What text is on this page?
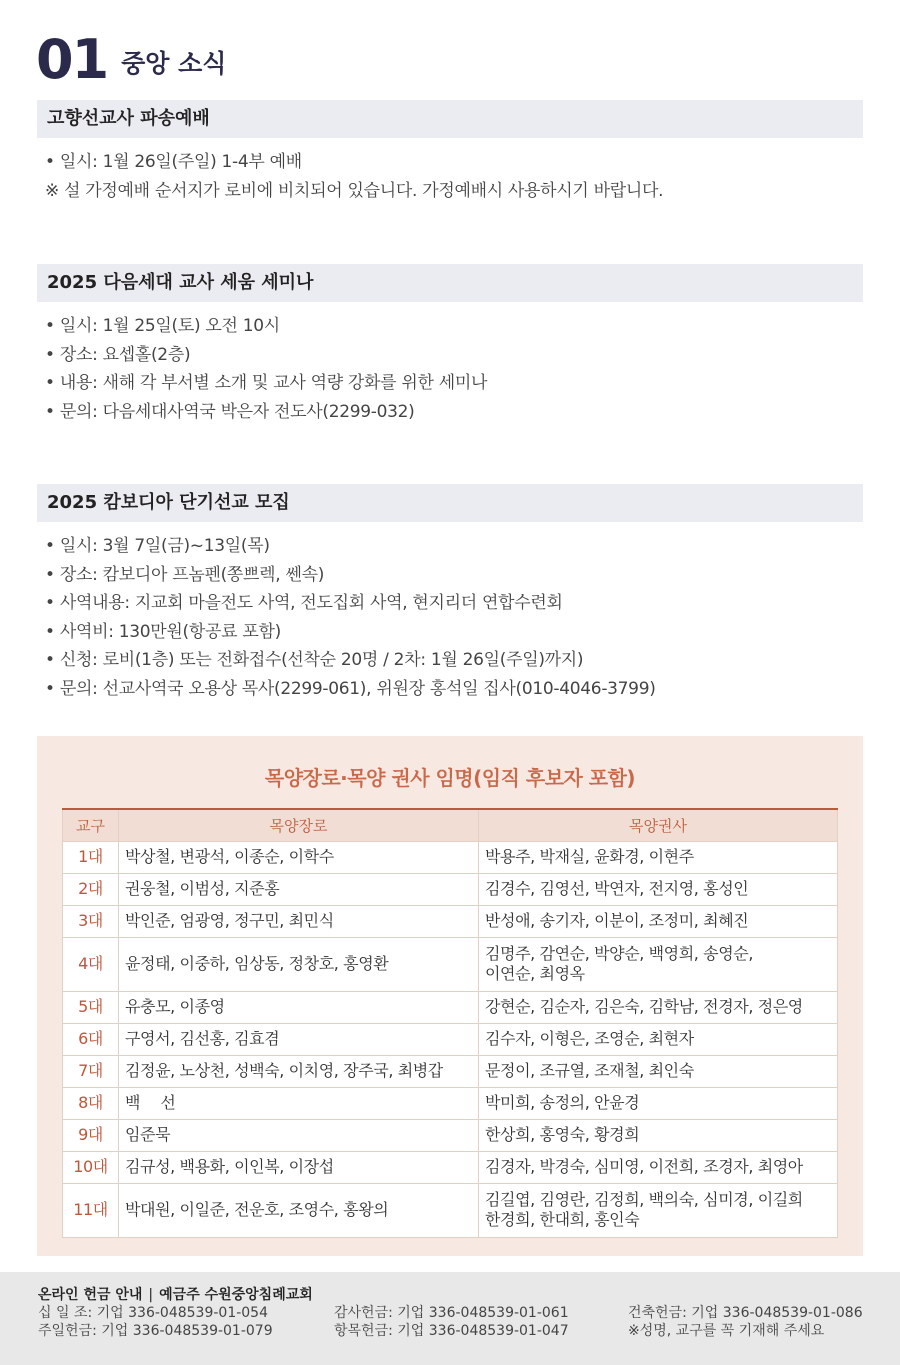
01 중앙 소식
고향선교사 파송예배
• 일시: 1월 26일(주일) 1-4부 예배
※ 설 가정예배 순서지가 로비에 비치되어 있습니다. 가정예배시 사용하시기 바랍니다.
2025 다음세대 교사 세움 세미나
• 일시: 1월 25일(토) 오전 10시
• 장소: 요셉홀(2층)
• 내용: 새해 각 부서별 소개 및 교사 역량 강화를 위한 세미나
• 문의: 다음세대사역국 박은자 전도사(2299-032)
2025 캄보디아 단기선교 모집
• 일시: 3월 7일(금)~13일(목)
• 장소: 캄보디아 프놈펜(쫑쁘렉, 쎈속)
• 사역내용: 지교회 마을전도 사역, 전도집회 사역, 현지리더 연합수련회
• 사역비: 130만원(항공료 포함)
• 신청: 로비(1층) 또는 전화접수(선착순 20명 / 2차: 1월 26일(주일)까지)
• 문의: 선교사역국 오용상 목사(2299-061), 위원장 홍석일 집사(010-4046-3799)
목양장로·목양 권사 임명(임직 후보자 포함)
교구	목양장로	목양권사
1대	박상철, 변광석, 이종순, 이학수	박용주, 박재실, 윤화경, 이현주

2대	권웅철, 이범성, 지준홍	김경수, 김영선, 박연자, 전지영, 홍성인

3대	박인준, 엄광영, 정구민, 최민식	반성애, 송기자, 이분이, 조정미, 최혜진

4대	윤정태, 이중하, 임상동, 정창호, 홍영환	김명주, 감연순, 박양순, 백영희, 송영순,
이연순, 최영옥

5대	유충모, 이종영	강현순, 김순자, 김은숙, 김학남, 전경자, 정은영

6대	구영서, 김선홍, 김효겸	김수자, 이형은, 조영순, 최현자

7대	김정윤, 노상천, 성백숙, 이치영, 장주국, 최병갑	문정이, 조규열, 조재철, 최인숙

8대	백　 선	박미희, 송정의, 안윤경

9대	임준묵	한상희, 홍영숙, 황경희

10대	김규성, 백용화, 이인복, 이장섭	김경자, 박경숙, 심미영, 이전희, 조경자, 최영아

11대	박대원, 이일준, 전운호, 조영수, 홍왕의	김길엽, 김영란, 김정희, 백의숙, 심미경, 이길희
한경희, 한대희, 홍인숙
온라인 헌금 안내 | 예금주 수원중앙침례교회
십 일 조: 기업 336-048539-01-054	감사헌금: 기업 336-048539-01-061	건축헌금: 기업 336-048539-01-086
주일헌금: 기업 336-048539-01-079	항목헌금: 기업 336-048539-01-047	※성명, 교구를 꼭 기재해 주세요
